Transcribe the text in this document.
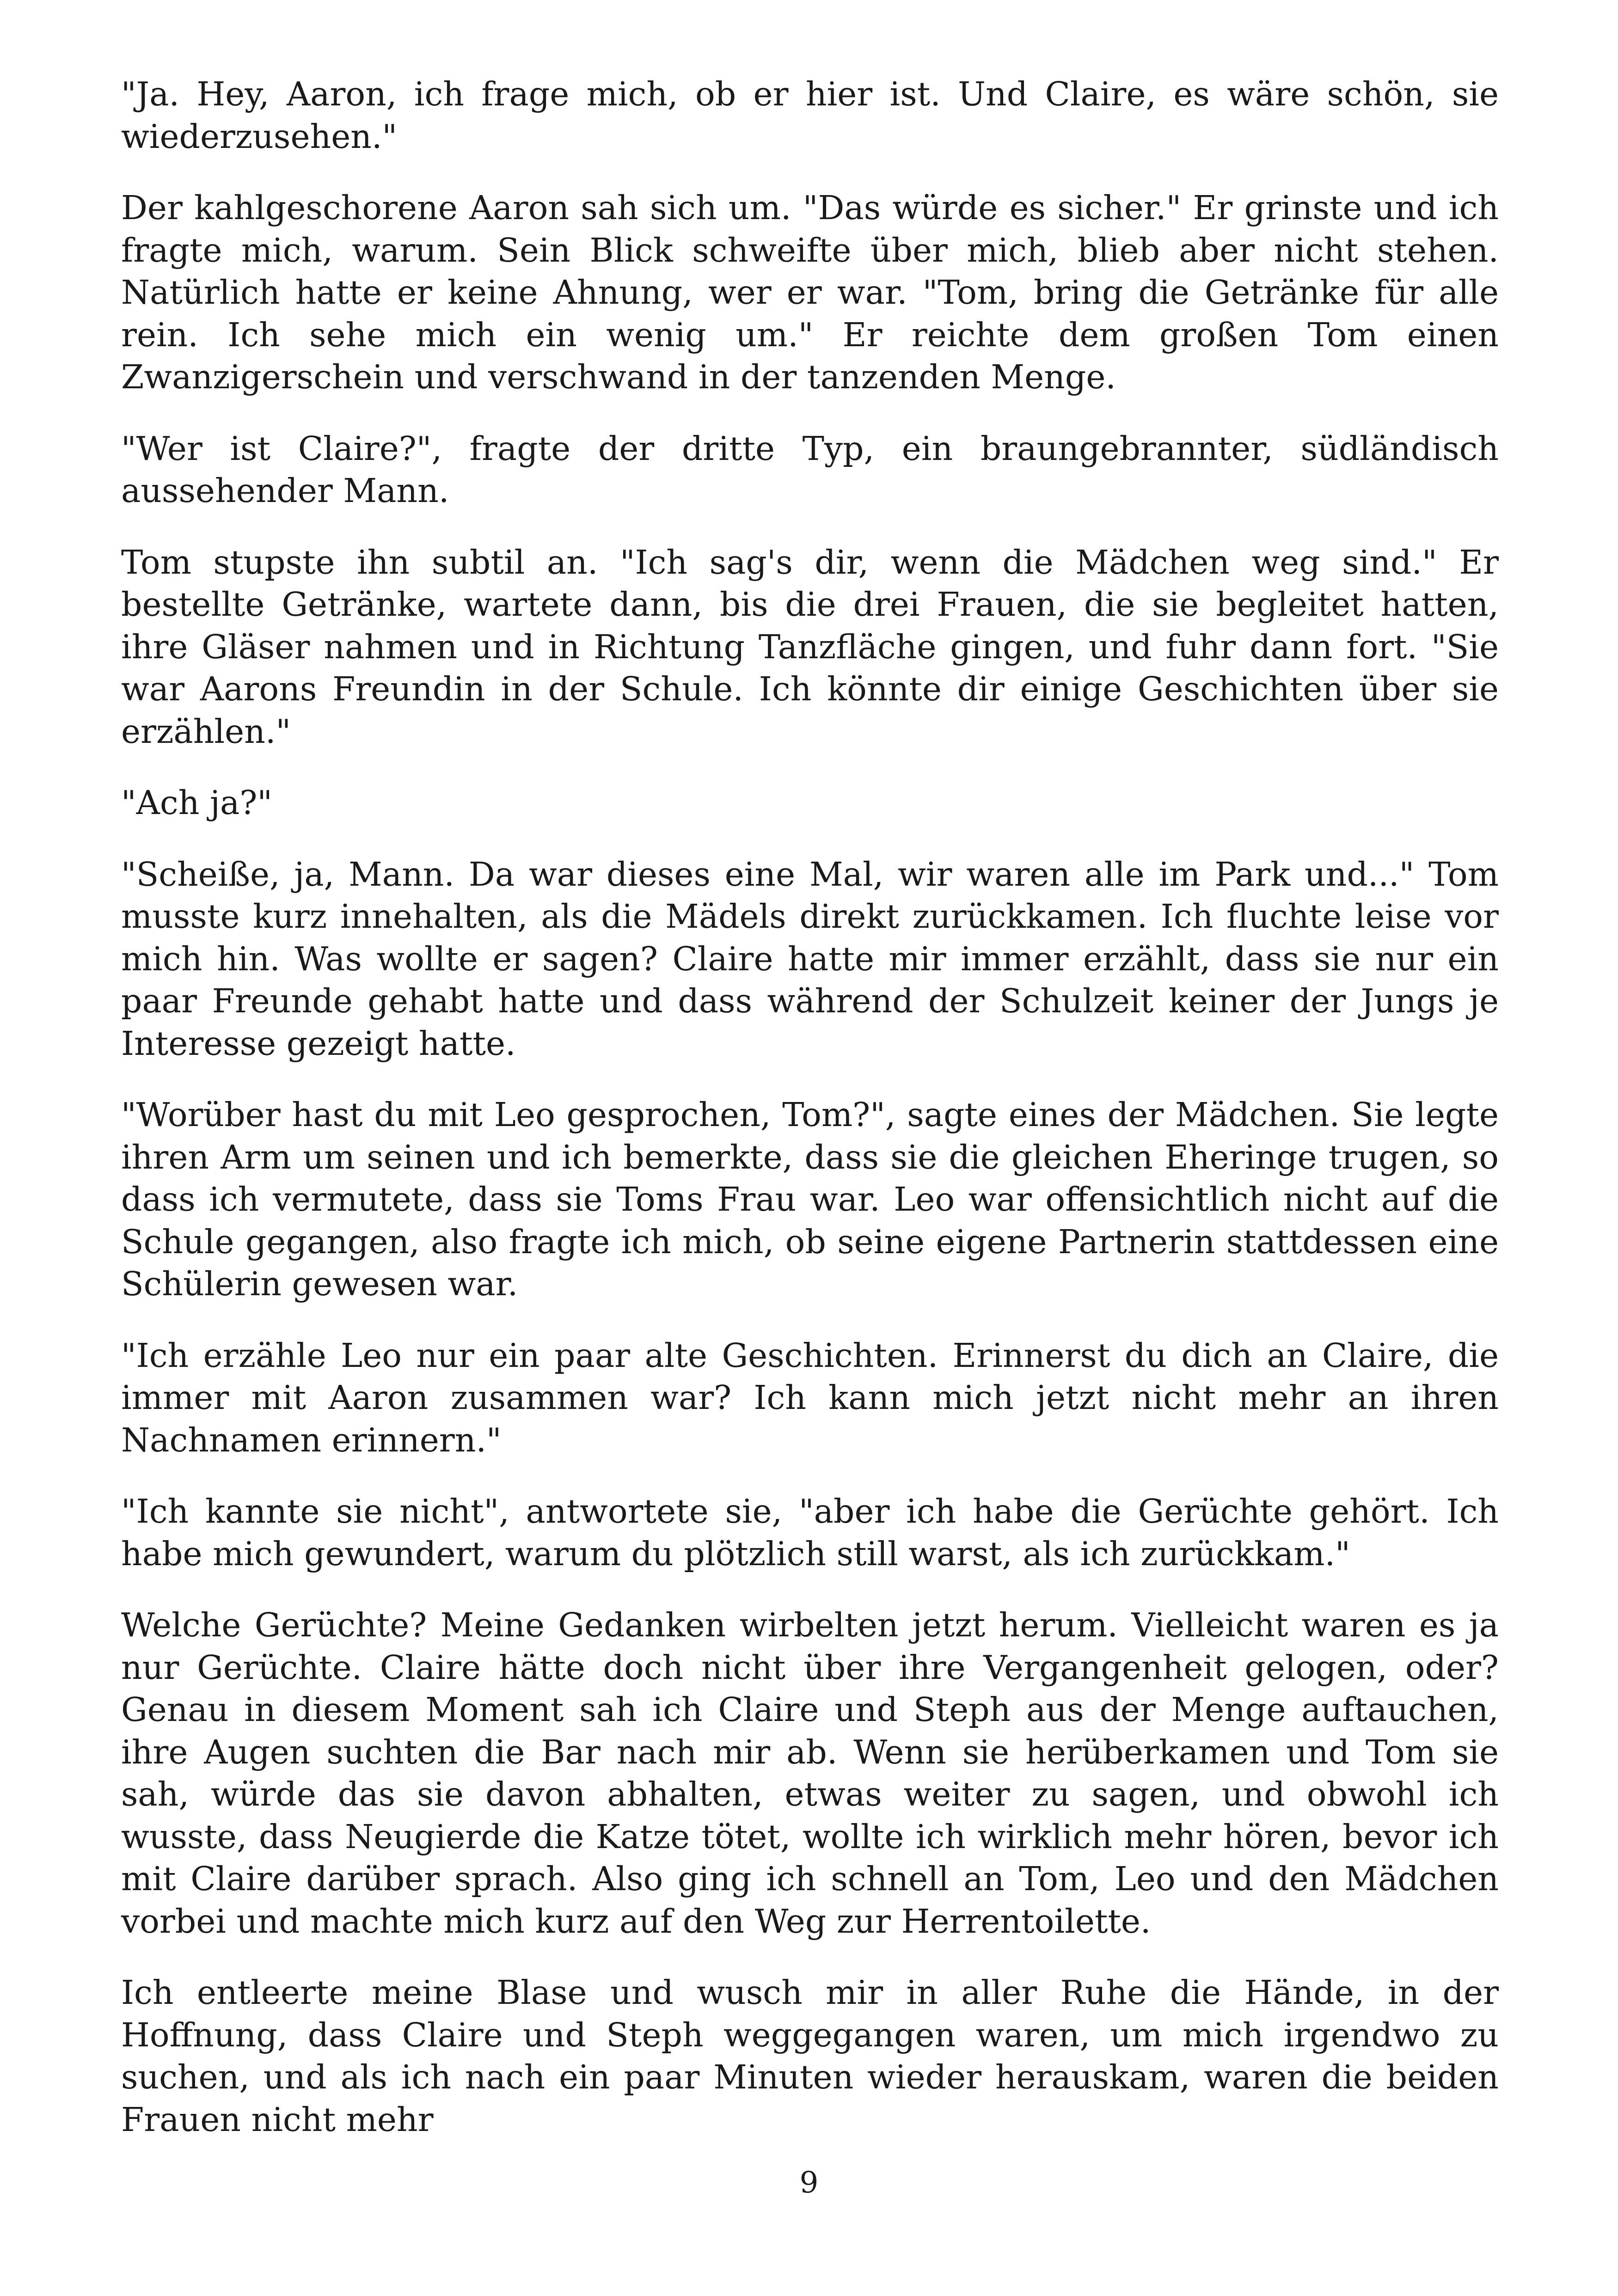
"Ja. Hey, Aaron, ich frage mich, ob er hier ist. Und Claire, es wäre schön, sie wiederzusehen."

Der kahlgeschorene Aaron sah sich um. "Das würde es sicher." Er grinste und ich fragte mich, warum. Sein Blick schweifte über mich, blieb aber nicht stehen. Natürlich hatte er keine Ahnung, wer er war. "Tom, bring die Getränke für alle rein. Ich sehe mich ein wenig um." Er reichte dem großen Tom einen Zwanzigerschein und verschwand in der tanzenden Menge.

"Wer ist Claire?", fragte der dritte Typ, ein braungebrannter, südländisch aussehender Mann.

Tom stupste ihn subtil an. "Ich sag's dir, wenn die Mädchen weg sind." Er bestellte Getränke, wartete dann, bis die drei Frauen, die sie begleitet hatten, ihre Gläser nahmen und in Richtung Tanzfläche gingen, und fuhr dann fort. "Sie war Aarons Freundin in der Schule. Ich könnte dir einige Geschichten über sie erzählen."

"Ach ja?"

"Scheiße, ja, Mann. Da war dieses eine Mal, wir waren alle im Park und..." Tom musste kurz innehalten, als die Mädels direkt zurückkamen. Ich fluchte leise vor mich hin. Was wollte er sagen? Claire hatte mir immer erzählt, dass sie nur ein paar Freunde gehabt hatte und dass während der Schulzeit keiner der Jungs je Interesse gezeigt hatte.

"Worüber hast du mit Leo gesprochen, Tom?", sagte eines der Mädchen. Sie legte ihren Arm um seinen und ich bemerkte, dass sie die gleichen Eheringe trugen, so dass ich vermutete, dass sie Toms Frau war. Leo war offensichtlich nicht auf die Schule gegangen, also fragte ich mich, ob seine eigene Partnerin stattdessen eine Schülerin gewesen war.

"Ich erzähle Leo nur ein paar alte Geschichten. Erinnerst du dich an Claire, die immer mit Aaron zusammen war? Ich kann mich jetzt nicht mehr an ihren Nachnamen erinnern."

"Ich kannte sie nicht", antwortete sie, "aber ich habe die Gerüchte gehört. Ich habe mich gewundert, warum du plötzlich still warst, als ich zurückkam."

Welche Gerüchte? Meine Gedanken wirbelten jetzt herum. Vielleicht waren es ja nur Gerüchte. Claire hätte doch nicht über ihre Vergangenheit gelogen, oder? Genau in diesem Moment sah ich Claire und Steph aus der Menge auftauchen, ihre Augen suchten die Bar nach mir ab. Wenn sie herüberkamen und Tom sie sah, würde das sie davon abhalten, etwas weiter zu sagen, und obwohl ich wusste, dass Neugierde die Katze tötet, wollte ich wirklich mehr hören, bevor ich mit Claire darüber sprach. Also ging ich schnell an Tom, Leo und den Mädchen vorbei und machte mich kurz auf den Weg zur Herrentoilette.

Ich entleerte meine Blase und wusch mir in aller Ruhe die Hände, in der Hoffnung, dass Claire und Steph weggegangen waren, um mich irgendwo zu suchen, und als ich nach ein paar Minuten wieder herauskam, waren die beiden Frauen nicht mehr

9
